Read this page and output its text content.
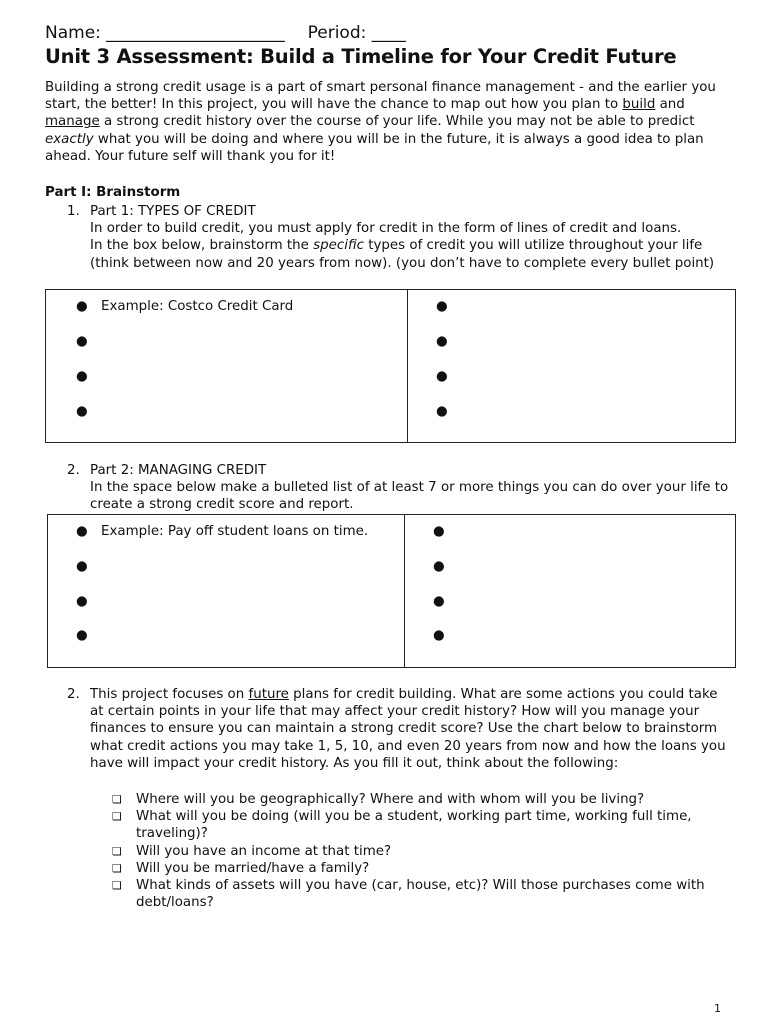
Name: _____________________ Period: ____
Unit 3 Assessment: Build a Timeline for Your Credit Future

Building a strong credit usage is a part of smart personal finance management - and the earlier you start, the better! In this project, you will have the chance to map out how you plan to build and manage a strong credit history over the course of your life. While you may not be able to predict exactly what you will be doing and where you will be in the future, it is always a good idea to plan ahead. Your future self will thank you for it!

Part I: Brainstorm
1. Part 1: TYPES OF CREDIT
In order to build credit, you must apply for credit in the form of lines of credit and loans.
In the box below, brainstorm the specific types of credit you will utilize throughout your life (think between now and 20 years from now). (you don’t have to complete every bullet point)
● Example: Costco Credit Card
●
●
●
●
●
●
●
2. Part 2: MANAGING CREDIT
In the space below make a bulleted list of at least 7 or more things you can do over your life to create a strong credit score and report.
● Example: Pay off student loans on time.
●
●
●
●
●
●
●
2. This project focuses on future plans for credit building. What are some actions you could take at certain points in your life that may affect your credit history? How will you manage your finances to ensure you can maintain a strong credit score? Use the chart below to brainstorm what credit actions you may take 1, 5, 10, and even 20 years from now and how the loans you have will impact your credit history. As you fill it out, think about the following:

❏ Where will you be geographically? Where and with whom will you be living?
❏ What will you be doing (will you be a student, working part time, working full time, traveling)?
❏ Will you have an income at that time?
❏ Will you be married/have a family?
❏ What kinds of assets will you have (car, house, etc)? Will those purchases come with debt/loans?
1
